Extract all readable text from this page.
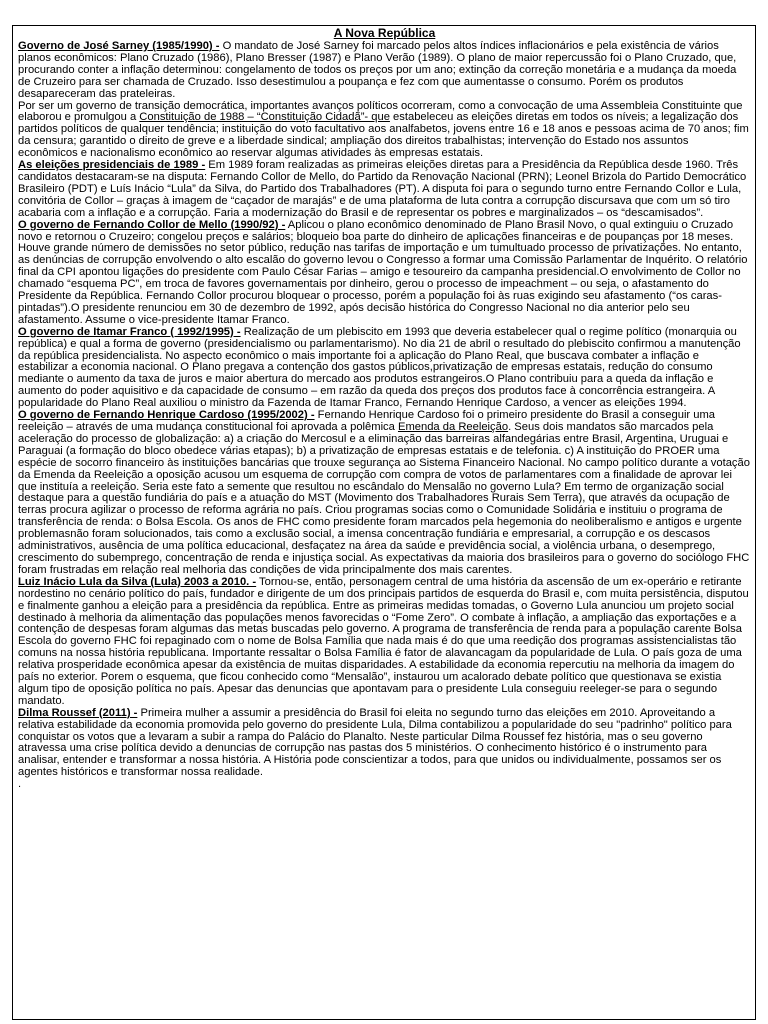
A Nova República

Governo de José Sarney (1985/1990) - O mandato de José Sarney foi marcado pelos altos índices inflacionários e pela existência de vários planos econômicos: Plano Cruzado (1986), Plano Bresser (1987) e Plano Verão (1989). O plano de maior repercussão foi o Plano Cruzado, que, procurando conter a inflação determinou: congelamento de todos os preços por um ano; extinção da correção monetária e a mudança da moeda de Cruzeiro para ser chamada de Cruzado. Isso desestimulou a poupança e fez com que aumentasse o consumo. Porém os produtos desapareceram das prateleiras.

Por ser um governo de transição democrática, importantes avanços políticos ocorreram, como a convocação de uma Assembleia Constituinte que elaborou e promulgou a Constituição de 1988 – “Constituição Cidadã”- que estabeleceu as eleições diretas em todos os níveis; a legalização dos partidos políticos de qualquer tendência; instituição do voto facultativo aos analfabetos, jovens entre 16 e 18 anos e pessoas acima de 70 anos; fim da censura; garantido o direito de greve e a liberdade sindical; ampliação dos direitos trabalhistas; intervenção do Estado nos assuntos econômicos e nacionalismo econômico ao reservar algumas atividades às empresas estatais.

As eleições presidenciais de 1989 - Em 1989 foram realizadas as primeiras eleições diretas para a Presidência da República desde 1960. Três candidatos destacaram-se na disputa: Fernando Collor de Mello, do Partido da Renovação Nacional (PRN); Leonel Brizola do Partido Democrático Brasileiro (PDT) e Luís Inácio “Lula” da Silva, do Partido dos Trabalhadores (PT). A disputa foi para o segundo turno entre Fernando Collor e Lula, convitória de Collor – graças à imagem de “caçador de marajás” e de uma plataforma de luta contra a corrupção discursava que com um só tiro acabaria com a inflação e a corrupção. Faria a modernização do Brasil e de representar os pobres e marginalizados – os “descamisados”.

O governo de Fernando Collor de Mello (1990/92) - Aplicou o plano econômico denominado de Plano Brasil Novo, o qual extinguiu o Cruzado novo e retornou o Cruzeiro; congelou preços e salários; bloqueio boa parte do dinheiro de aplicações financeiras e de poupanças por 18 meses. Houve grande número de demissões no setor público, redução nas tarifas de importação e um tumultuado processo de privatizações. No entanto, as denúncias de corrupção envolvendo o alto escalão do governo levou o Congresso a formar uma Comissão Parlamentar de Inquérito. O relatório final da CPI apontou ligações do presidente com Paulo César Farias – amigo e tesoureiro da campanha presidencial.O envolvimento de Collor no chamado “esquema PC”, em troca de favores governamentais por dinheiro, gerou o processo de impeachment – ou seja, o afastamento do Presidente da República. Fernando Collor procurou bloquear o processo, porém a população foi às ruas exigindo seu afastamento (“os caras-pintadas”).O presidente renunciou em 30 de dezembro de 1992, após decisão histórica do Congresso Nacional no dia anterior pelo seu afastamento. Assume o vice-presidente Itamar Franco.

O governo de Itamar Franco ( 1992/1995) - Realização de um plebiscito em 1993 que deveria estabelecer qual o regime político (monarquia ou república) e qual a forma de governo (presidencialismo ou parlamentarismo). No dia 21 de abril o resultado do plebiscito confirmou a manutenção da república presidencialista. No aspecto econômico o mais importante foi a aplicação do Plano Real, que buscava combater a inflação e estabilizar a economia nacional. O Plano pregava a contenção dos gastos públicos,privatização de empresas estatais, redução do consumo mediante o aumento da taxa de juros e maior abertura do mercado aos produtos estrangeiros.O Plano contribuiu para a queda da inflação e aumento do poder aquisitivo e da capacidade de consumo – em razão da queda dos preços dos produtos face à concorrência estrangeira. A popularidade do Plano Real auxiliou o ministro da Fazenda de Itamar Franco, Fernando Henrique Cardoso, a vencer as eleições 1994.

O governo de Fernando Henrique Cardoso (1995/2002) - Fernando Henrique Cardoso foi o primeiro presidente do Brasil a conseguir uma reeleição – através de uma mudança constitucional foi aprovada a polêmica Emenda da Reeleição. Seus dois mandatos são marcados pela aceleração do processo de globalização: a) a criação do Mercosul e a eliminação das barreiras alfandegárias entre Brasil, Argentina, Uruguai e Paraguai (a formação do bloco obedece várias etapas); b) a privatização de empresas estatais e de telefonia. c) A instituição do PROER uma espécie de socorro financeiro às instituições bancárias que trouxe segurança ao Sistema Financeiro Nacional. No campo político durante a votação da Emenda da Reeleição a oposição acusou um esquema de corrupção com compra de votos de parlamentares com a finalidade de aprovar lei que instituía a reeleição. Seria este fato a semente que resultou no escândalo do Mensalão no governo Lula? Em termo de organização social destaque para a questão fundiária do país e a atuação do MST (Movimento dos Trabalhadores Rurais Sem Terra), que através da ocupação de terras procura agilizar o processo de reforma agrária no país. Criou programas socias como o Comunidade Solidária e instituiu o programa de transferência de renda: o Bolsa Escola. Os anos de FHC como presidente foram marcados pela hegemonia do neoliberalismo e antigos e urgente problemasnão foram solucionados, tais como a exclusão social, a imensa concentração fundiária e empresarial, a corrupção e os descasos administrativos, ausência de uma política educacional, desfaçatez na área da saúde e previdência social, a violência urbana, o desemprego, crescimento do subemprego, concentração de renda e injustiça social. As expectativas da maioria dos brasileiros para o governo do sociólogo FHC foram frustradas em relação real melhoria das condições de vida principalmente dos mais carentes.

Luiz Inácio Lula da Silva (Lula) 2003 a 2010. - Tornou-se, então, personagem central de uma história da ascensão de um ex-operário e retirante nordestino no cenário político do país, fundador e dirigente de um dos principais partidos de esquerda do Brasil e, com muita persistência, disputou e finalmente ganhou a eleição para a presidência da república. Entre as primeiras medidas tomadas, o Governo Lula anunciou um projeto social destinado à melhoria da alimentação das populações menos favorecidas o “Fome Zero”. O combate à inflação, a ampliação das exportações e a contenção de despesas foram algumas das metas buscadas pelo governo. A programa de transferência de renda para a população carente Bolsa Escola do governo FHC foi repaginado com o nome de Bolsa Família que nada mais é do que uma reedição dos programas assistencialistas tão comuns na nossa história republicana. Importante ressaltar o Bolsa Família é fator de alavancagam da popularidade de Lula. O país goza de uma relativa prosperidade econômica apesar da existência de muitas disparidades. A estabilidade da economia repercutiu na melhoria da imagem do país no exterior. Porem o esquema, que ficou conhecido como “Mensalão”, instaurou um acalorado debate político que questionava se existia algum tipo de oposição política no país. Apesar das denuncias que apontavam para o presidente Lula conseguiu reeleger-se para o segundo mandato.

Dilma Roussef (2011) - Primeira mulher a assumir a presidência do Brasil foi eleita no segundo turno das eleições em 2010. Aproveitando a relativa estabilidade da economia promovida pelo governo do presidente Lula, Dilma contabilizou a popularidade do seu "padrinho" político para conquistar os votos que a levaram a subir a rampa do Palácio do Planalto. Neste particular Dilma Roussef fez história, mas o seu governo atravessa uma crise política devido a denuncias de corrupção nas pastas dos 5 ministérios. O conhecimento histórico é o instrumento para analisar, entender e transformar a nossa história. A História pode conscientizar a todos, para que unidos ou individualmente, possamos ser os agentes históricos e transformar nossa realidade.

.
